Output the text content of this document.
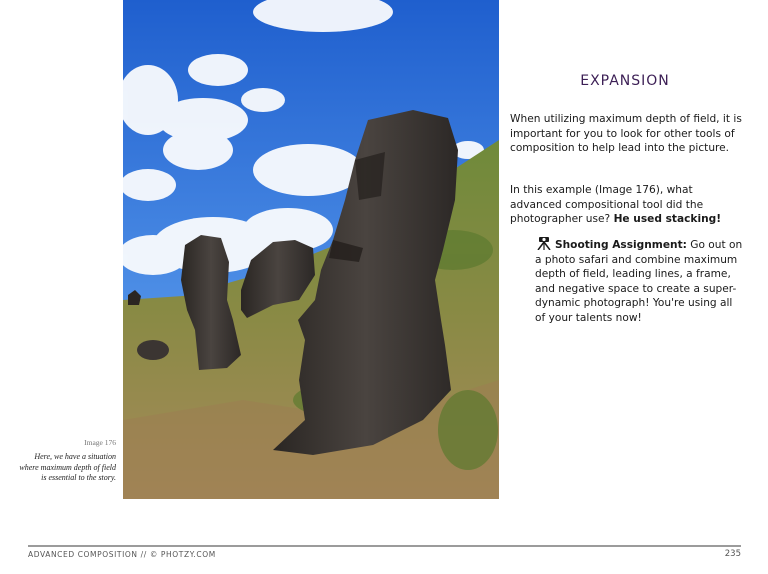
Image 176
Here, we have a situation where maximum depth of field is essential to the story.
EXPANSION

When utilizing maximum depth of field, it is important for you to look for other tools of composition to help lead into the picture.

In this example (Image 176), what advanced compositional tool did the photographer use? He used stacking!

Shooting Assignment: Go out on a photo safari and combine maximum depth of field, leading lines, a frame, and negative space to create a super-dynamic photograph! You're using all of your talents now!

ADVANCED COMPOSITION // © PHOTZY.COM	235
